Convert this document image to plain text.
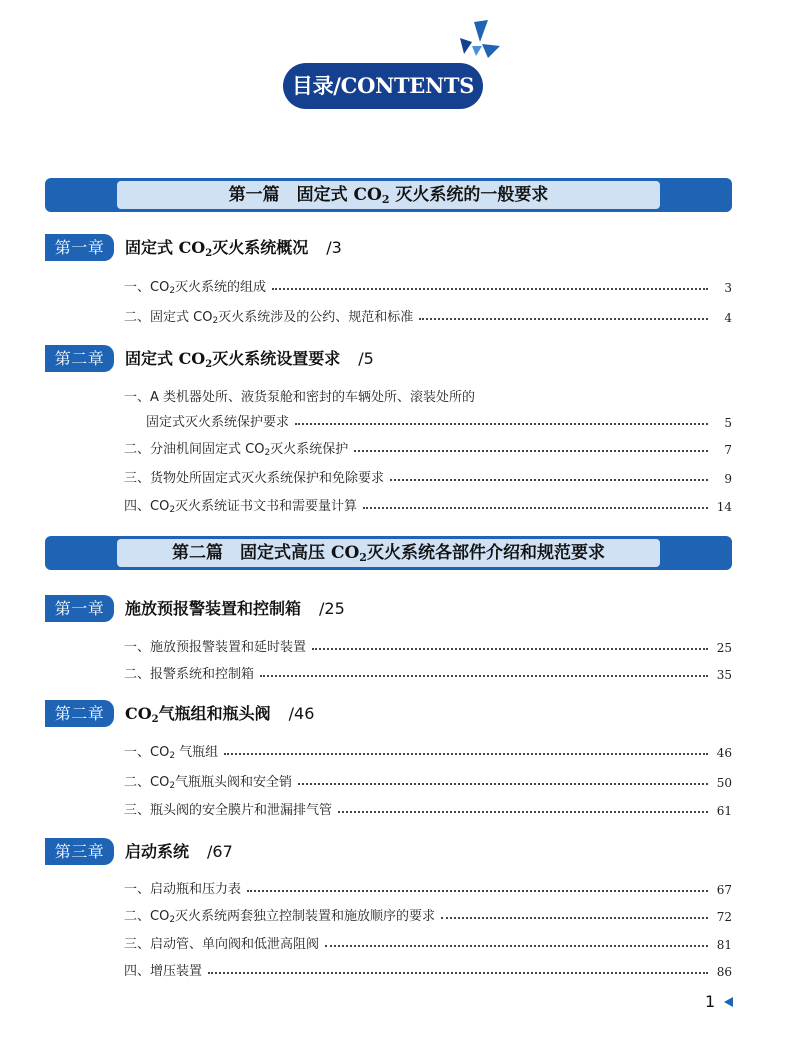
目录/CONTENTS
第一篇　固定式 $CO_2$ 灭火系统的一般要求
第一章	固定式 $CO_2$灭火系统概况 /3
一、$CO_2$灭火系统的组成	3
二、固定式 $CO_2$灭火系统涉及的公约、规范和标准	4
第二章	固定式 $CO_2$灭火系统设置要求 /5
一、A 类机器处所、液货泵舱和密封的车辆处所、滚装处所的
固定式灭火系统保护要求	5
二、分油机间固定式 $CO_2$灭火系统保护	7
三、货物处所固定式灭火系统保护和免除要求	9
四、$CO_2$灭火系统证书文书和需要量计算	14
第二篇　固定式高压 $CO_2$灭火系统各部件介绍和规范要求
第一章	施放预报警装置和控制箱 /25
一、施放预报警装置和延时装置	25
二、报警系统和控制箱	35
第二章	$CO_2$气瓶组和瓶头阀 /46
一、$CO_2$ 气瓶组	46
二、$CO_2$气瓶瓶头阀和安全销	50
三、瓶头阀的安全膜片和泄漏排气管	61
第三章	启动系统 /67
一、启动瓶和压力表	67
二、$CO_2$灭火系统两套独立控制装置和施放顺序的要求	72
三、启动管、单向阀和低泄高阻阀	81
四、增压装置	86
1
